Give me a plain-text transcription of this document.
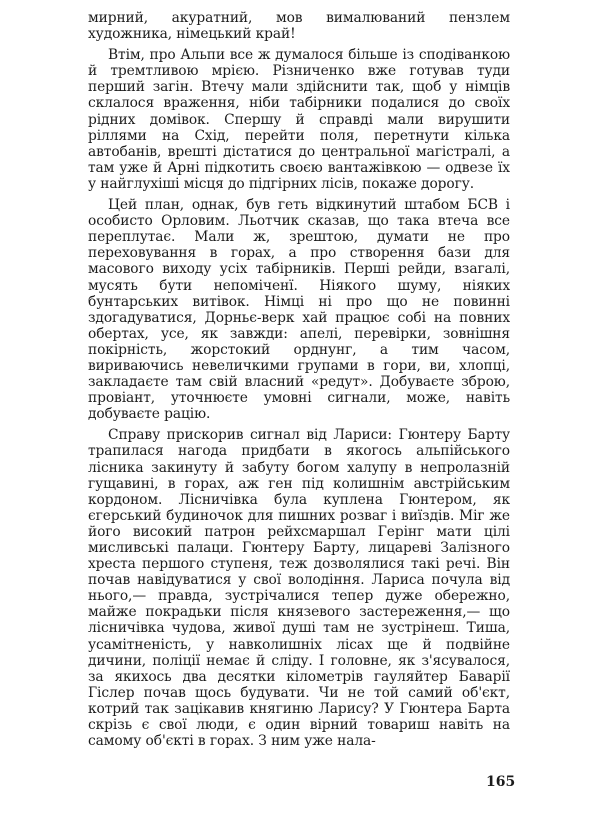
мирний, акуратний, мов вималюваний пензлем художника, німецький край!

Втім, про Альпи все ж думалося більше із сподіванкою й тремтливою мрією. Різниченко вже готував туди перший загін. Втечу мали здійснити так, щоб у німців склалося враження, ніби табірники подалися до своїх рідних домівок. Спершу й справді мали вирушити ріллями на Схід, перейти поля, перетнути кілька автобанів, врешті дістатися до центральної магістралі, а там уже й Арні підкотить своєю вантажівкою — одвезе їх у найглухіші місця до підгірних лісів, покаже дорогу.

Цей план, однак, був геть відкинутий штабом БСВ і особисто Орловим. Льотчик сказав, що така втеча все переплутає. Мали ж, зрештою, думати не про переховування в горах, а про створення бази для масового виходу усіх табірників. Перші рейди, взагалі, мусять бути непоміченї. Ніякого шуму, ніяких бунтарських витівок. Німці ні про що не повинні здогадуватися, Дорньє-верк хай працює собі на повних обертах, усе, як завжди: апелі, перевірки, зовнішня покірність, жорстокий орднунг, а тим часом, вириваючись невеличкими групами в гори, ви, хлопці, закладаєте там свій власний «редут». Добуваєте зброю, провіант, уточнюєте умовні сигнали, може, навіть добуваєте рацію.

Справу прискорив сигнал від Лариси: Гюнтеру Барту трапилася нагода придбати в якогось альпійського лісника закинуту й забуту богом халупу в непролазній гущавині, в горах, аж ген під колишнім австрійським кордоном. Лісничівка була куплена Гюнтером, як єгерський будиночок для пишних розваг і виїздів. Міг же його високий патрон рейхсмаршал Герінг мати цілі мисливські палаци. Гюнтеру Барту, лицареві Залізного хреста першого ступеня, теж дозволялися такі речі. Він почав навідуватися у свої володіння. Лариса почула від нього,— правда, зустрічалися тепер дуже обережно, майже покрадьки після князевого застереження,— що лісничівка чудова, живої душі там не зустрінеш. Тиша, усамітненість, у навколишніх лісах ще й подвійне дичини, поліції немає й сліду. І головне, як з'ясувалося, за якихось два десятки кілометрів гауляйтер Баварії Гіслер почав щось будувати. Чи не той самий об'єкт, котрий так зацікавив княгиню Ларису? У Гюнтера Барта скрізь є свої люди, є один вірний товариш навіть на самому об'єкті в горах. З ним уже нала-

165
